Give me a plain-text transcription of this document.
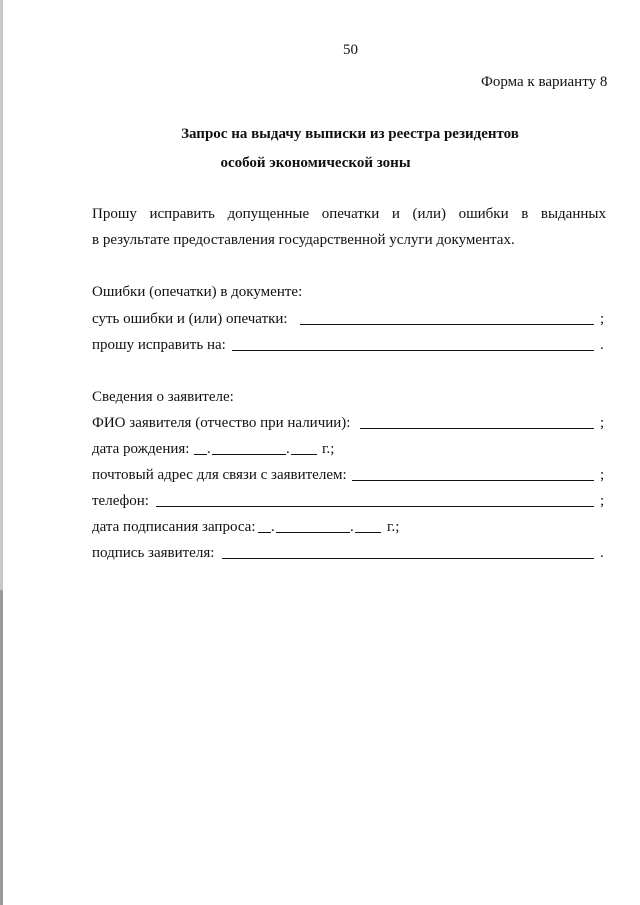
50
Форма к варианту 8
Запрос на выдачу выписки из реестра резидентов
особой экономической зоны
Прошу исправить допущенные опечатки и (или) ошибки в выданных
в результате предоставления государственной услуги документах.
Ошибки (опечатки) в документе:
суть ошибки и (или) опечатки:	;
прошу исправить на:	.
Сведения о заявителе:
ФИО заявителя (отчество при наличии):	;
дата рождения: .	. г.;
почтовый адрес для связи с заявителем:	;
телефон:	;
дата подписания запроса: .	. г.;
подпись заявителя:	.
